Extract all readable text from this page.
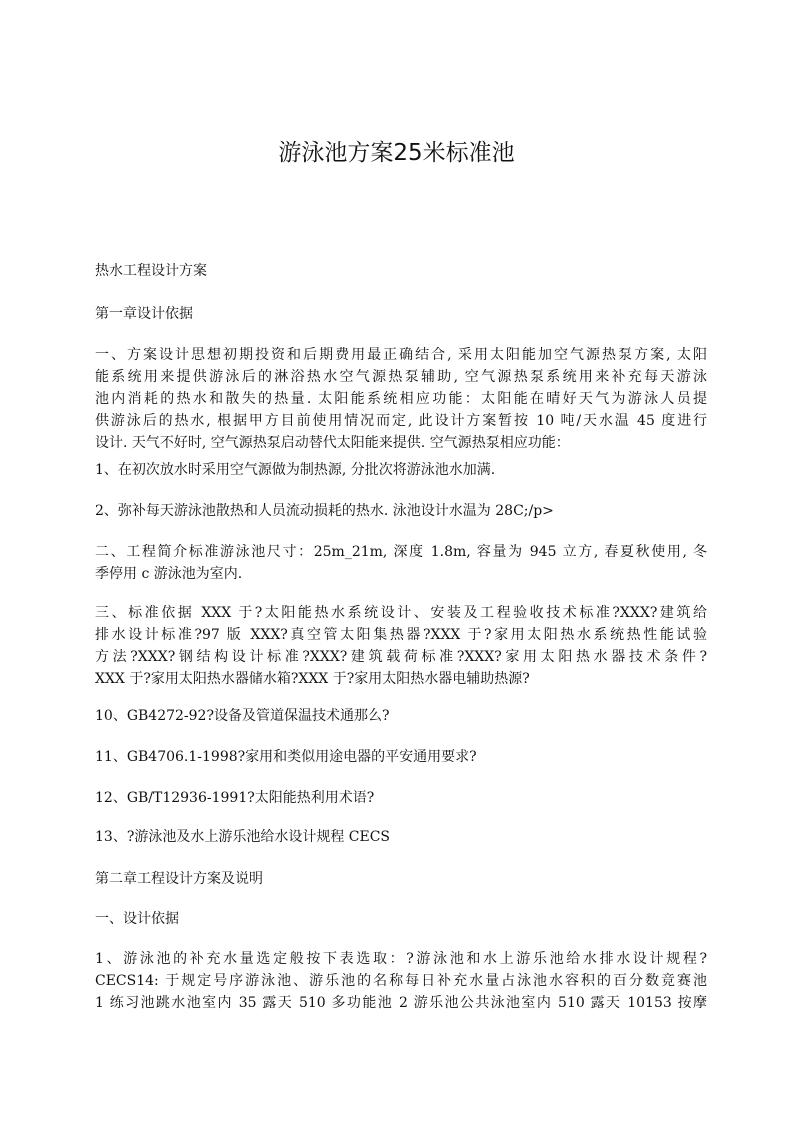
游泳池方案25米标准池

热水工程设计方案

第一章设计依据

一、方案设计思想初期投资和后期费用最正确结合, 采用太阳能加空气源热泵方案, 太阳
能系统用来提供游泳后的淋浴热水空气源热泵辅助, 空气源热泵系统用来补充每天游泳
池内消耗的热水和散失的热量. 太阳能系统相应功能：太阳能在晴好天气为游泳人员提
供游泳后的热水, 根据甲方目前使用情况而定, 此设计方案暂按 10 吨/天水温 45 度进行
设计. 天气不好时, 空气源热泵启动替代太阳能来提供. 空气源热泵相应功能：

1、在初次放水时采用空气源做为制热源, 分批次将游泳池水加满.

2、弥补每天游泳池散热和人员流动损耗的热水. 泳池设计水温为 28C;/p>

二、工程简介标准游泳池尺寸：25m_21m, 深度 1.8m, 容量为 945 立方, 春夏秋使用, 冬
季停用 c 游泳池为室内.

三、标准依据 XXX 于?太阳能热水系统设计、安装及工程验收技术标准?XXX?建筑给
排水设计标准?97 版 XXX?真空管太阳集热器?XXX 于?家用太阳热水系统热性能试验
方法?XXX?钢结构设计标准?XXX?建筑载荷标准?XXX?家用太阳热水器技术条件?
XXX 于?家用太阳热水器储水箱?XXX 于?家用太阳热水器电辅助热源?

10、GB4272-92?设备及管道保温技术通那么?

11、GB4706.1-1998?家用和类似用途电器的平安通用要求?

12、GB/T12936-1991?太阳能热利用术语?

13、?游泳池及水上游乐池给水设计规程 CECS

第二章工程设计方案及说明

一、设计依据

1、游泳池的补充水量选定般按下表选取：?游泳池和水上游乐池给水排水设计规程?
CECS14: 于规定号序游泳池、游乐池的名称每日补充水量占泳池水容积的百分数竞赛池
1 练习池跳水池室内 35 露天 510 多功能池 2 游乐池公共泳池室内 510 露天 10153 按摩
